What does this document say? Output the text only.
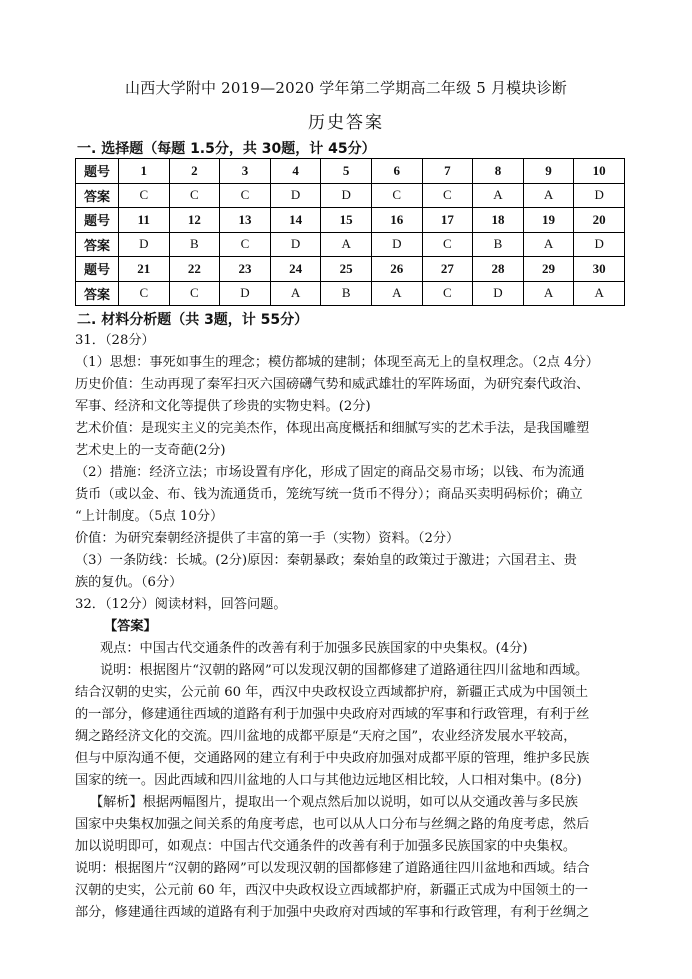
山西大学附中 2019—2020 学年第二学期高二年级 5 月模块诊断
历史答案
一. 选择题（每题 1.5分，共 30题，计 45分）
题号	1	2	3	4	5	6	7	8	9	10
答案	C	C	C	D	D	C	C	A	A	D
题号	11	12	13	14	15	16	17	18	19	20
答案	D	B	C	D	A	D	C	B	A	D
题号	21	22	23	24	25	26	27	28	29	30
答案	C	C	D	A	B	A	C	D	A	A
二. 材料分析题（共 3题，计 55分）
31．（28分）
（1）思想：事死如事生的理念；模仿都城的建制；体现至高无上的皇权理念。（2点 4分）
历史价值：生动再现了秦军扫灭六国磅礴气势和威武雄壮的军阵场面，为研究秦代政治、
军事、经济和文化等提供了珍贵的实物史料。(2分)
艺术价值：是现实主义的完美杰作，体现出高度概括和细腻写实的艺术手法，是我国雕塑
艺术史上的一支奇葩(2分)
（2）措施：经济立法；市场设置有序化，形成了固定的商品交易市场；以钱、布为流通
货币（或以金、布、钱为流通货币，笼统写统一货币不得分）；商品买卖明码标价；确立
“上计制度。（5点 10分）
价值：为研究秦朝经济提供了丰富的第一手（实物）资料。（2分）
（3）一条防线：长城。(2分)原因：秦朝暴政；秦始皇的政策过于激进；六国君主、贵
族的复仇。（6分）
32．（12分）阅读材料，回答问题。
【答案】
观点：中国古代交通条件的改善有利于加强多民族国家的中央集权。(4分)
说明：根据图片“汉朝的路网”可以发现汉朝的国都修建了道路通往四川盆地和西域。
结合汉朝的史实，公元前 60 年，西汉中央政权设立西域都护府，新疆正式成为中国领土
的一部分，修建通往西域的道路有利于加强中央政府对西域的军事和行政管理，有利于丝
绸之路经济文化的交流。四川盆地的成都平原是“天府之国”，农业经济发展水平较高，
但与中原沟通不便，交通路网的建立有利于中央政府加强对成都平原的管理，维护多民族
国家的统一。因此西域和四川盆地的人口与其他边远地区相比较，人口相对集中。(8分)
【解析】根据两幅图片，提取出一个观点然后加以说明，如可以从交通改善与多民族
国家中央集权加强之间关系的角度考虑，也可以从人口分布与丝绸之路的角度考虑，然后
加以说明即可，如观点：中国古代交通条件的改善有利于加强多民族国家的中央集权。
说明：根据图片“汉朝的路网”可以发现汉朝的国都修建了道路通往四川盆地和西域。结合
汉朝的史实，公元前 60 年，西汉中央政权设立西域都护府，新疆正式成为中国领土的一
部分，修建通往西域的道路有利于加强中央政府对西域的军事和行政管理，有利于丝绸之
